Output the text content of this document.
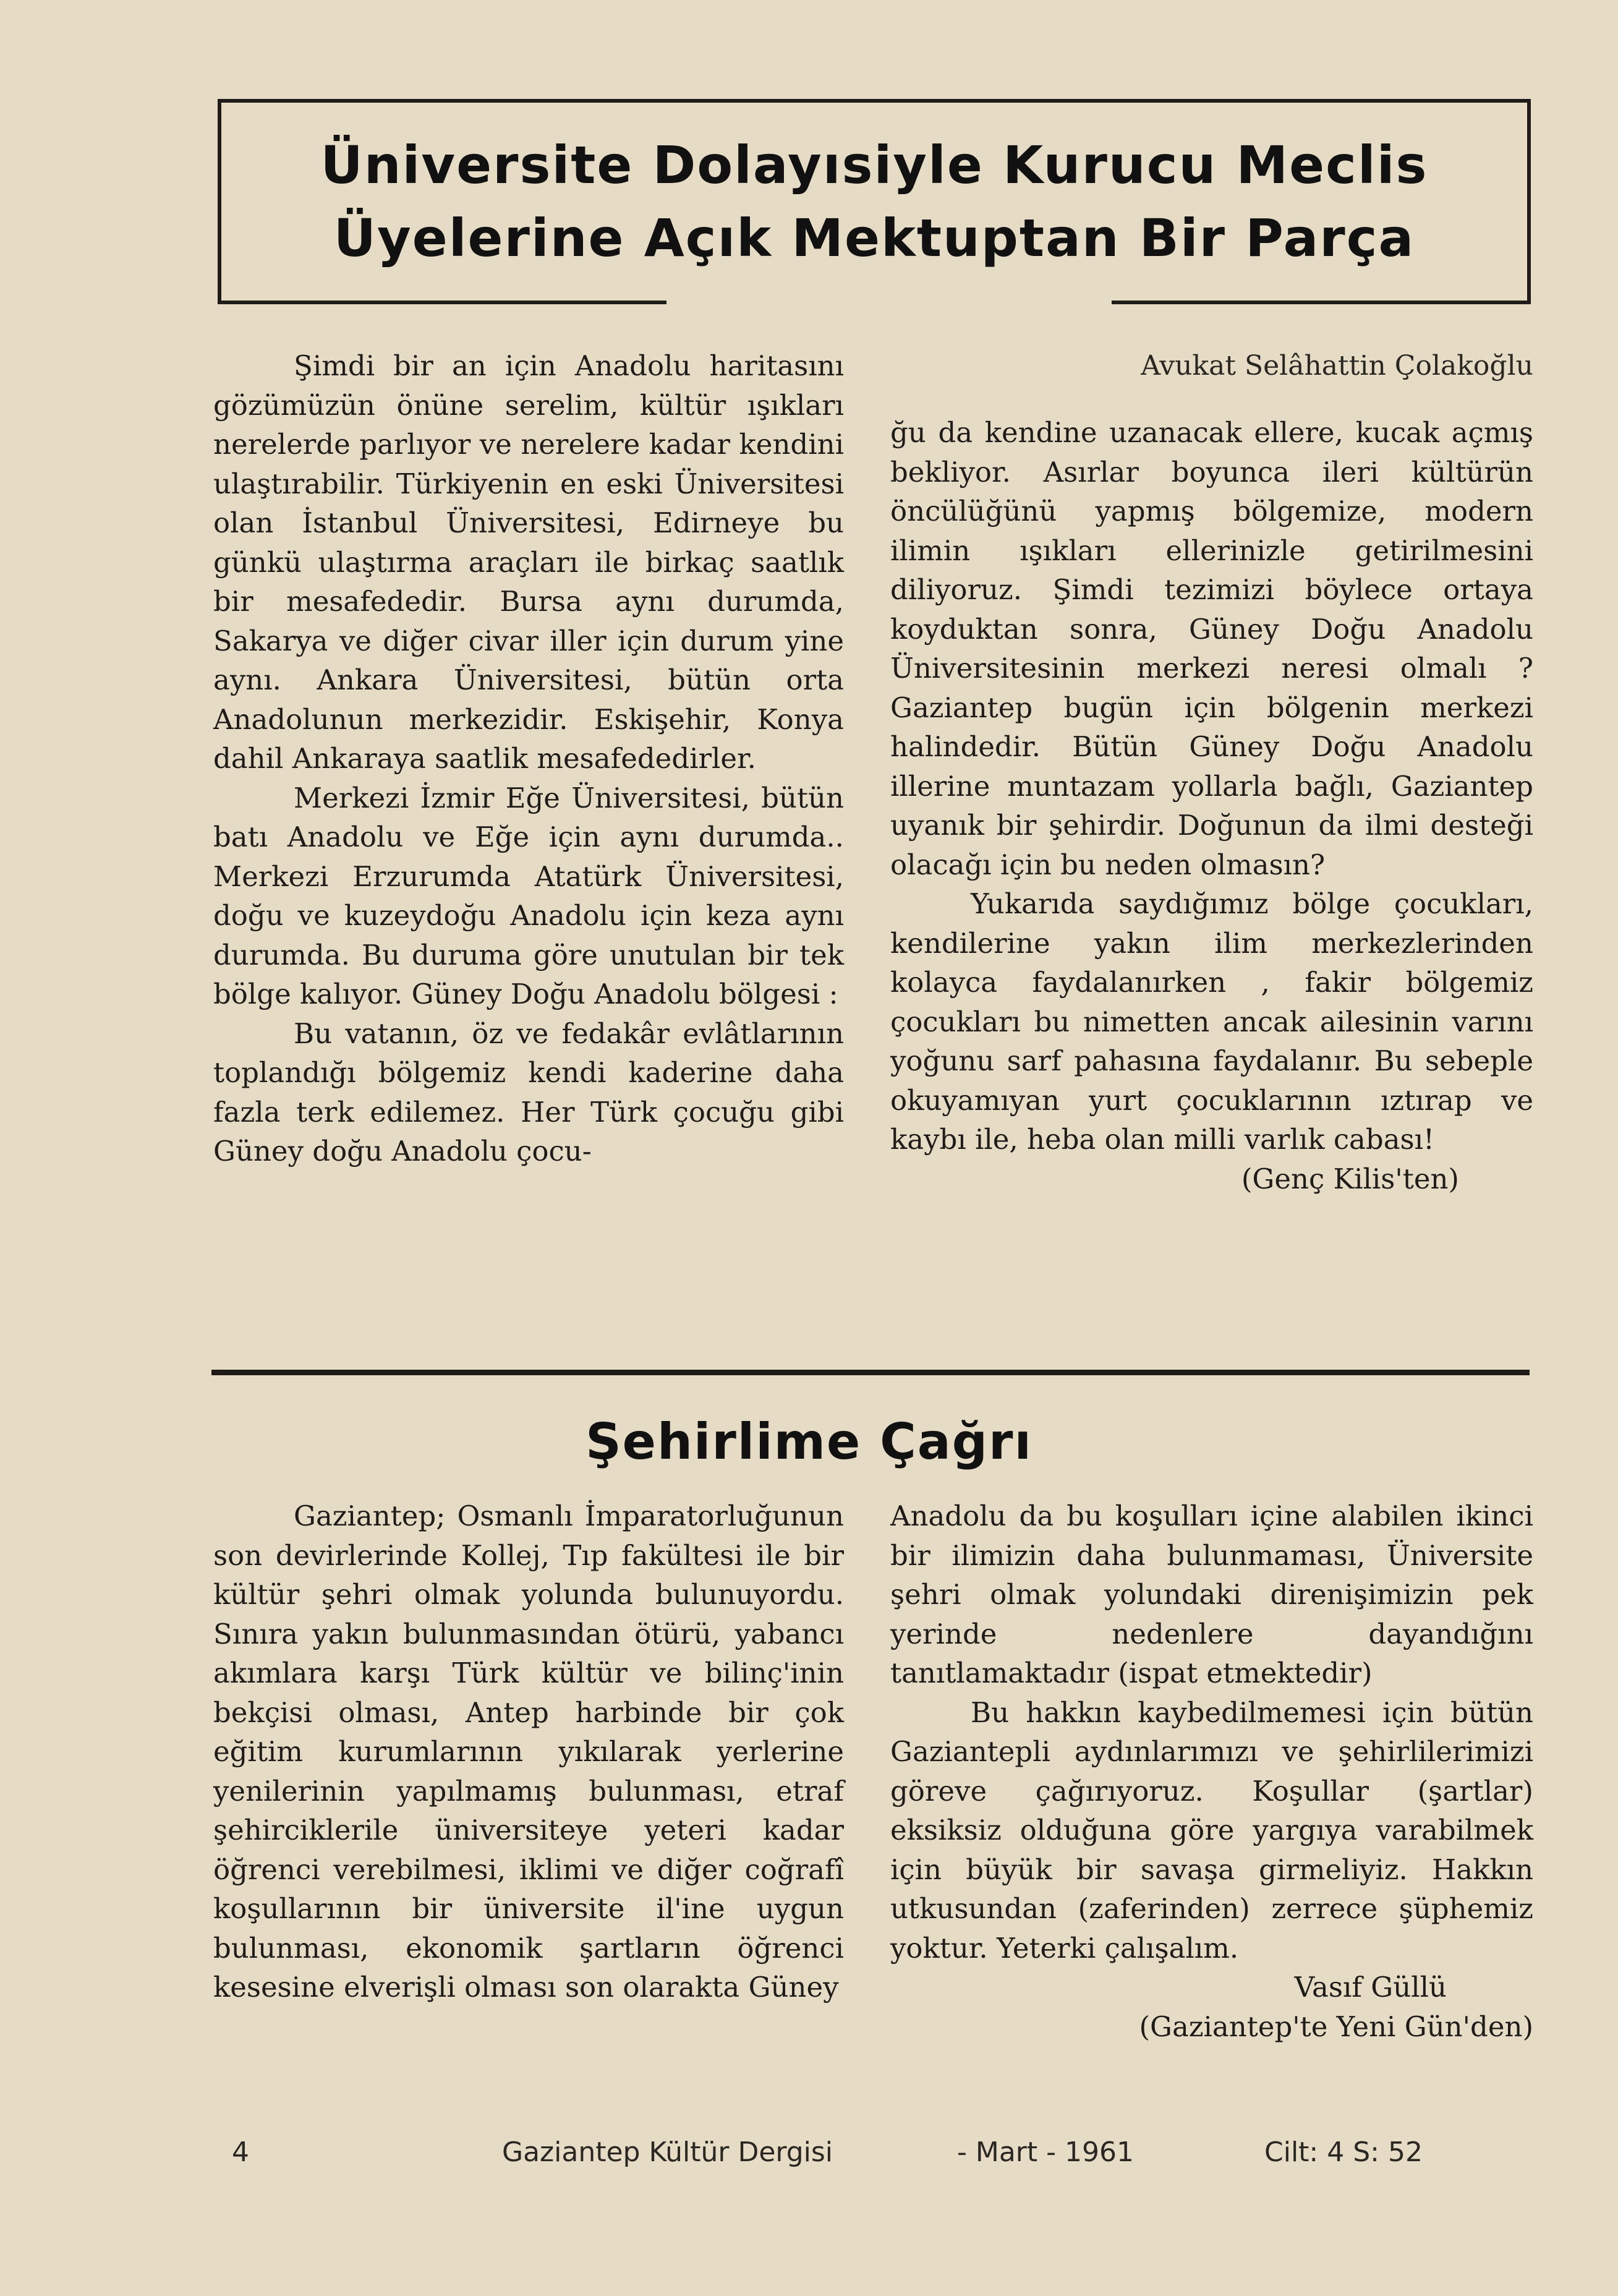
Üniversite Dolayısiyle Kurucu Meclis
Üyelerine Açık Mektuptan Bir Parça
Avukat Selâhattin Çolakoğlu

Şimdi bir an için Anadolu haritasını gözümüzün önüne serelim, kültür ışıkları nerelerde parlıyor ve nerelere kadar kendini ulaştırabilir. Türkiyenin en eski Üniversitesi olan İstanbul Üniversitesi, Edirneye bu günkü ulaştırma araçları ile birkaç saatlık bir mesafededir. Bursa aynı durumda, Sakarya ve diğer civar iller için durum yine aynı. Ankara Üniversitesi, bütün orta Anadolunun merkezidir. Eskişehir, Konya dahil Ankaraya saatlik mesafededirler.

Merkezi İzmir Eğe Üniversitesi, bütün batı Anadolu ve Eğe için aynı durumda.. Merkezi Erzurumda Atatürk Üniversitesi, doğu ve kuzeydoğu Anadolu için keza aynı durumda. Bu duruma göre unutulan bir tek bölge kalıyor. Güney Doğu Anadolu bölgesi :

Bu vatanın, öz ve fedakâr evlâtlarının toplandığı bölgemiz kendi kaderine daha fazla terk edilemez. Her Türk çocuğu gibi Güney doğu Anadolu çocu-

ğu da kendine uzanacak ellere, kucak açmış bekliyor. Asırlar boyunca ileri kültürün öncülüğünü yapmış bölgemize, modern ilimin ışıkları ellerinizle getirilmesini diliyoruz. Şimdi tezimizi böylece ortaya koyduktan sonra, Güney Doğu Anadolu Üniversitesinin merkezi neresi olmalı ? Gaziantep bugün için bölgenin merkezi halindedir. Bütün Güney Doğu Anadolu illerine muntazam yollarla bağlı, Gaziantep uyanık bir şehirdir. Doğunun da ilmi desteği olacağı için bu neden olmasın?

Yukarıda saydığımız bölge çocukları, kendilerine yakın ilim merkezlerinden kolayca faydalanırken , fakir bölgemiz çocukları bu nimetten ancak ailesinin varını yoğunu sarf pahasına faydalanır. Bu sebeple okuyamıyan yurt çocuklarının ıztırap ve kaybı ile, heba olan milli varlık cabası!

(Genç Kilis'ten)

Şehirlime Çağrı

Gaziantep; Osmanlı İmparatorluğunun son devirlerinde Kollej, Tıp fakültesi ile bir kültür şehri olmak yolunda bulunuyordu. Sınıra yakın bulunmasından ötürü, yabancı akımlara karşı Türk kültür ve bilinç'inin bekçisi olması, Antep harbinde bir çok eğitim kurumlarının yıkılarak yerlerine yenilerinin yapılmamış bulunması, etraf şehirciklerile üniversiteye yeteri kadar öğrenci verebilmesi, iklimi ve diğer coğrafî koşullarının bir üniversite il'ine uygun bulunması, ekonomik şartların öğrenci kesesine elverişli olması son olarakta Güney

Anadolu da bu koşulları içine alabilen ikinci bir ilimizin daha bulunmaması, Üniversite şehri olmak yolundaki direnişimizin pek yerinde nedenlere dayandığını tanıtlamaktadır (ispat etmektedir)

Bu hakkın kaybedilmemesi için bütün Gaziantepli aydınlarımızı ve şehirlilerimizi göreve çağırıyoruz. Koşullar (şartlar) eksiksiz olduğuna göre yargıya varabilmek için büyük bir savaşa girmeliyiz. Hakkın utkusundan (zaferinden) zerrece şüphemiz yoktur. Yeterki çalışalım.

Vasıf Güllü

(Gaziantep'te Yeni Gün'den)

4	Gaziantep Kültür Dergisi	- Mart - 1961	Cilt: 4 S: 52
